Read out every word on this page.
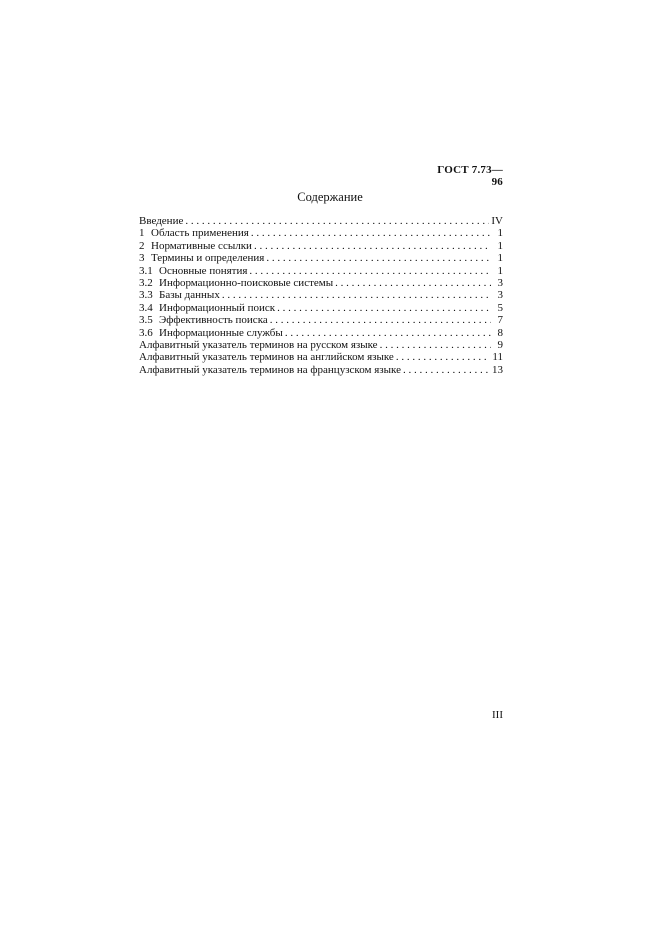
ГОСТ 7.73—96
Содержание
Введение . . .	IV
1 Область применения . . .	1
2 Нормативные ссылки . . .	1
3 Термины и определения . . .	1
3.1 Основные понятия . . .	1
3.2 Информационно-поисковые системы . . .	3
3.3 Базы данных . . .	3
3.4 Информационный поиск . . .	5
3.5 Эффективность поиска . . .	7
3.6 Информационные службы . . .	8
Алфавитный указатель терминов на русском языке . . .	9
Алфавитный указатель терминов на английском языке . . .	11
Алфавитный указатель терминов на французском языке . . .	13
III
